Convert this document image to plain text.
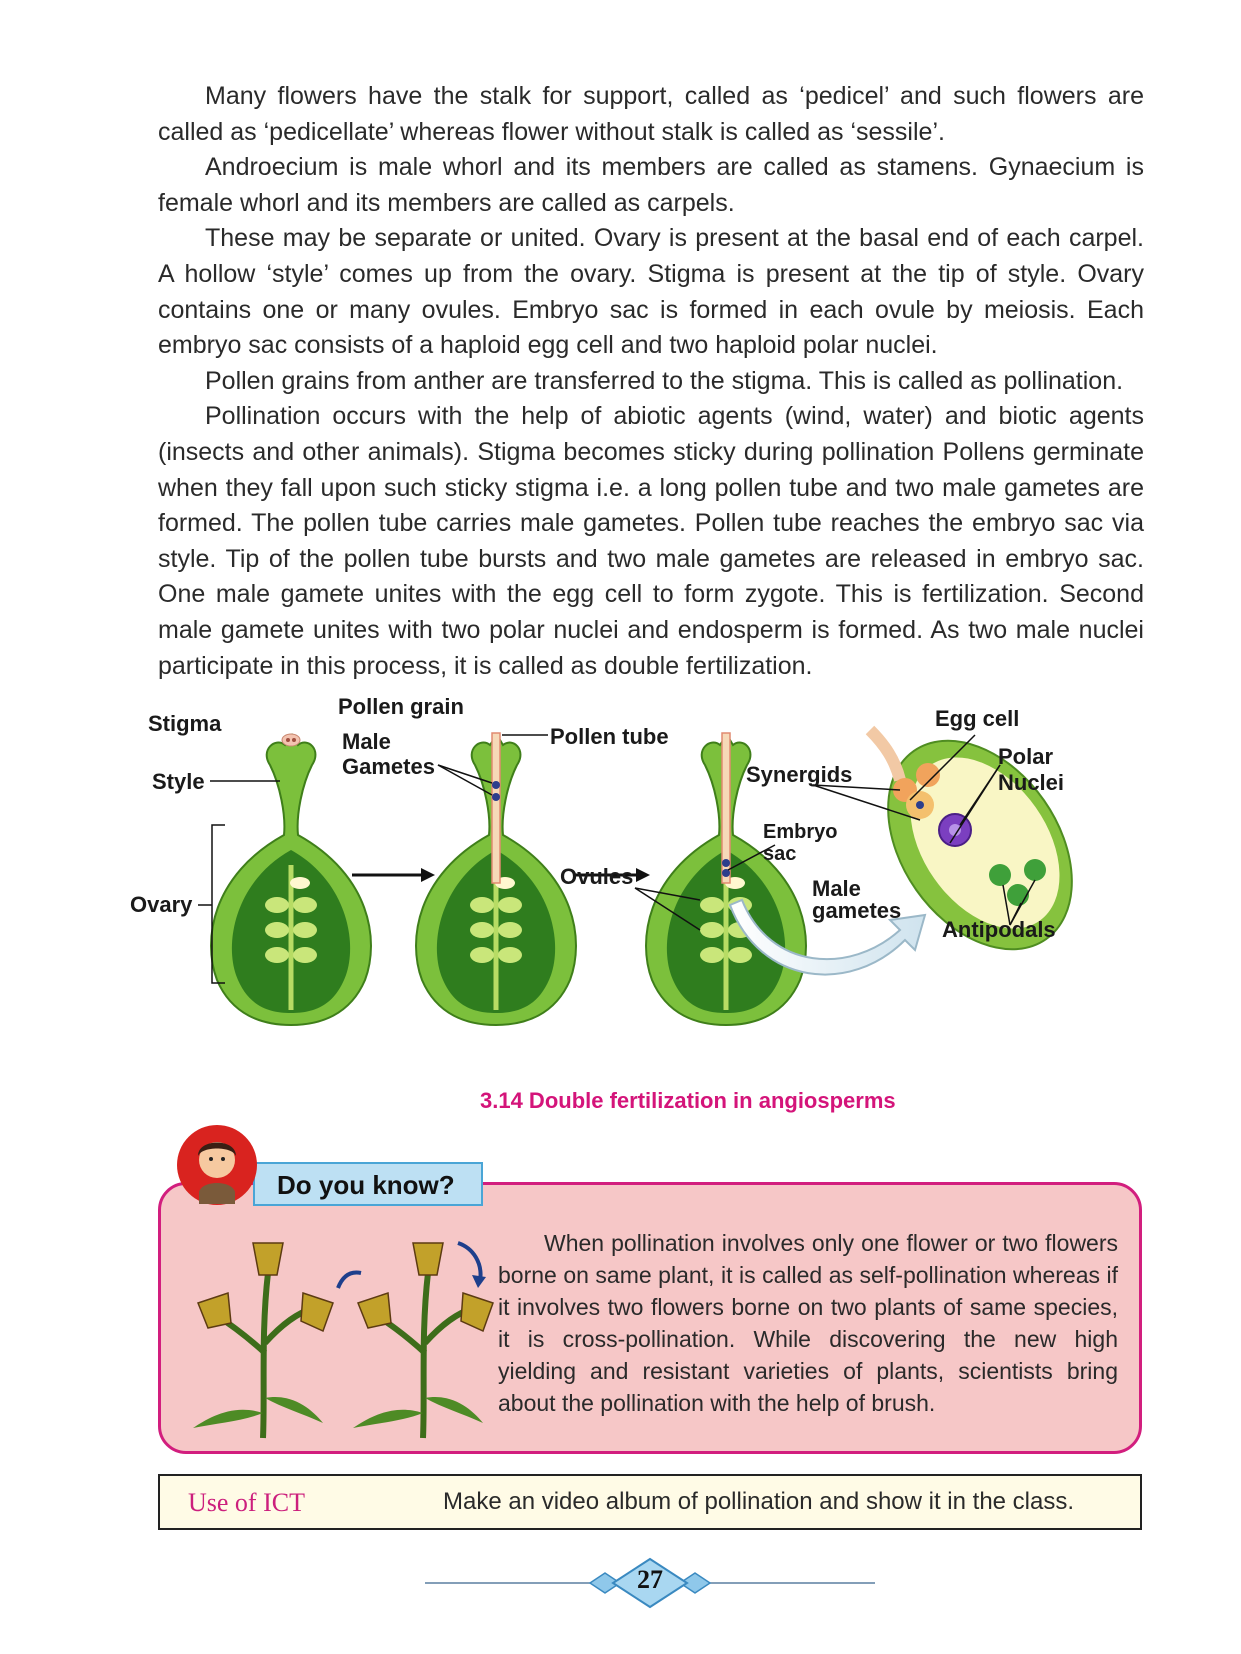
Many flowers have the stalk for support, called as ‘pedicel’ and such flowers are called as ‘pedicellate’ whereas flower without stalk is called as ‘sessile’.

Androecium is male whorl and its members are called as stamens. Gynaecium is female whorl and its members are called as carpels.

These may be separate or united. Ovary is present at the basal end of each carpel. A hollow ‘style’ comes up from the ovary. Stigma is present at the tip of style. Ovary contains one or many ovules. Embryo sac is formed in each ovule by meiosis. Each embryo sac consists of a haploid egg cell and two haploid polar nuclei.

Pollen grains from anther are transferred to the stigma. This is called as pollination.

Pollination occurs with the help of abiotic agents (wind, water) and biotic agents (insects and other animals). Stigma becomes sticky during pollination Pollens germinate when they fall upon such sticky stigma i.e. a long pollen tube and two male gametes are formed. The pollen tube carries male gametes. Pollen tube reaches the embryo sac via style. Tip of the pollen tube bursts and two male gametes are released in embryo sac. One male gamete unites with the egg cell to form zygote. This is fertilization. Second male gamete unites with two polar nuclei and endosperm is formed. As two male nuclei participate in this process, it is called as double fertilization.

Stigma
Style
Ovary
Pollen grain
Male
Gametes
Pollen tube
Ovules
Synergids
Embryo
sac
Egg cell
Polar
Nuclei
Male
gametes
Antipodals
3.14 Double fertilization in angiosperms
Do you know?

When pollination involves only one flower or two flowers borne on same plant, it is called as self-pollination whereas if it involves two flowers borne on two plants of same species, it is cross-pollination. While discovering the new high yielding and resistant varieties of plants, scientists bring about the pollination with the help of brush.

Use of ICT	Make an video album of pollination and show it in the class.
27
